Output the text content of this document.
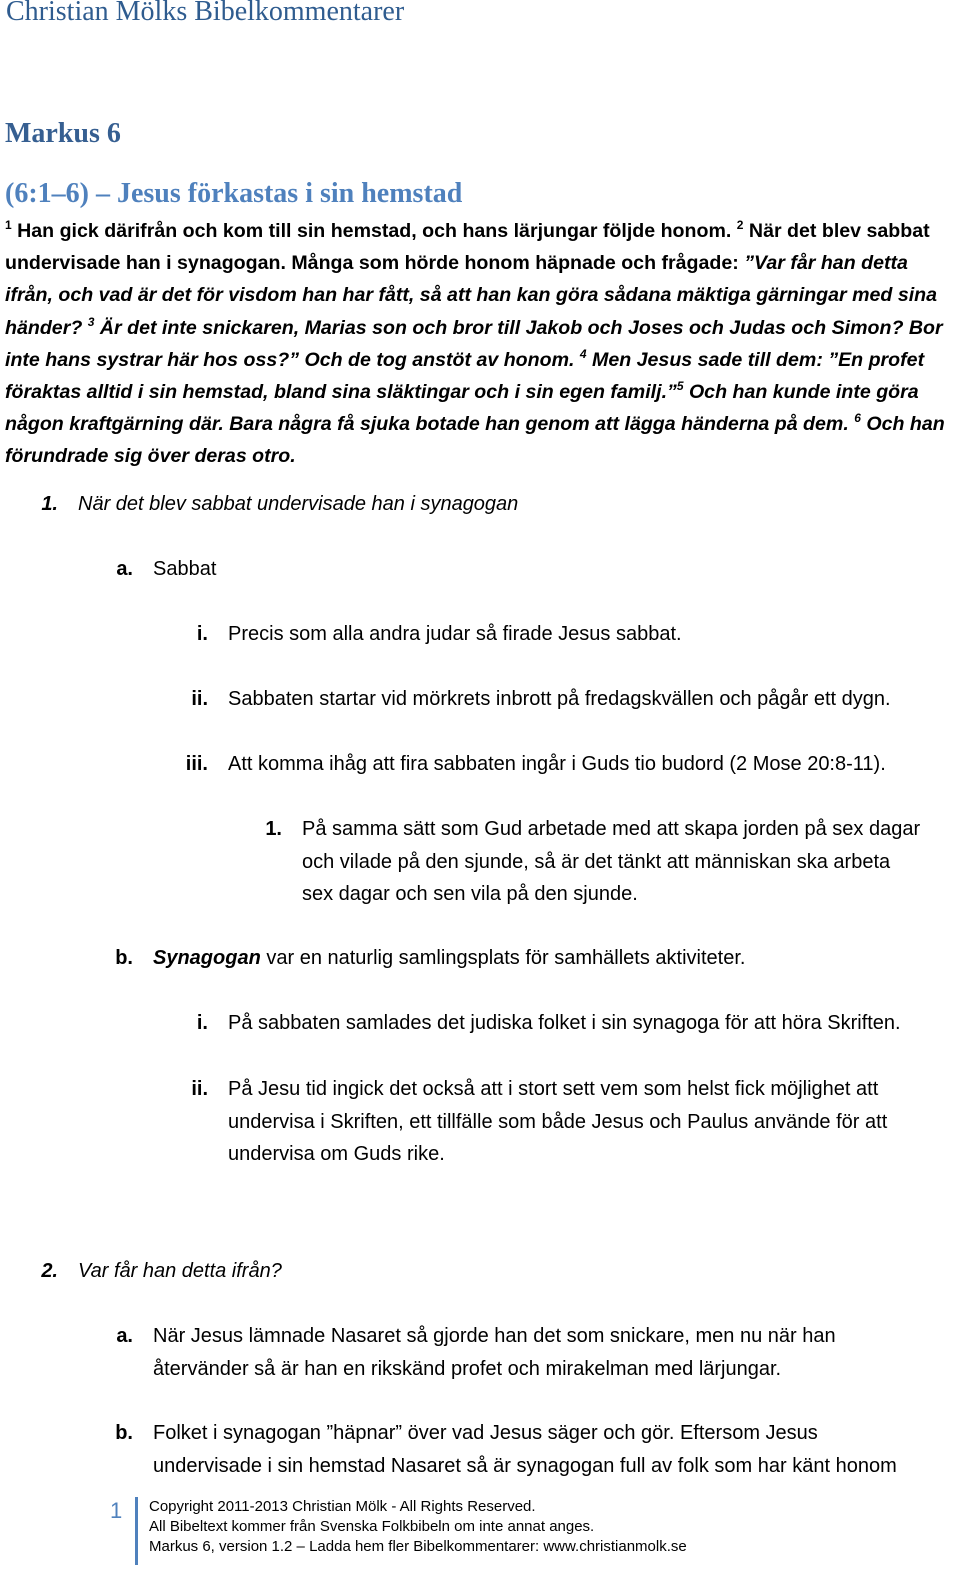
Christian Mölks Bibelkommentarer
Markus 6
(6:1–6) – Jesus förkastas i sin hemstad
$^1$ Han gick därifrån och kom till sin hemstad, och hans lärjungar följde honom. $^2$ När det blev sabbat undervisade han i synagogan. Många som hörde honom häpnade och frågade: ”Var får han detta ifrån, och vad är det för visdom han har fått, så att han kan göra sådana mäktiga gärningar med sina händer? $^3$ Är det inte snickaren, Marias son och bror till Jakob och Joses och Judas och Simon? Bor inte hans systrar här hos oss?” Och de tog anstöt av honom. $^4$ Men Jesus sade till dem: ”En profet föraktas alltid i sin hemstad, bland sina släktingar och i sin egen familj.”$^5$ Och han kunde inte göra någon kraftgärning där. Bara några få sjuka botade han genom att lägga händerna på dem. $^6$ Och han förundrade sig över deras otro.
1. När det blev sabbat undervisade han i synagogan
a. Sabbat
i. Precis som alla andra judar så firade Jesus sabbat.
ii. Sabbaten startar vid mörkrets inbrott på fredagskvällen och pågår ett dygn.
iii. Att komma ihåg att fira sabbaten ingår i Guds tio budord (2 Mose 20:8-11).
1. På samma sätt som Gud arbetade med att skapa jorden på sex dagar
och vilade på den sjunde, så är det tänkt att människan ska arbeta
sex dagar och sen vila på den sjunde.
b. Synagogan var en naturlig samlingsplats för samhällets aktiviteter.
i. På sabbaten samlades det judiska folket i sin synagoga för att höra Skriften.
ii. På Jesu tid ingick det också att i stort sett vem som helst fick möjlighet att
undervisa i Skriften, ett tillfälle som både Jesus och Paulus använde för att
undervisa om Guds rike.
2. Var får han detta ifrån?
a. När Jesus lämnade Nasaret så gjorde han det som snickare, men nu när han
återvänder så är han en rikskänd profet och mirakelman med lärjungar.
b. Folket i synagogan ”häpnar” över vad Jesus säger och gör. Eftersom Jesus
undervisade i sin hemstad Nasaret så är synagogan full av folk som har känt honom
1 Copyright 2011-2013 Christian Mölk - All Rights Reserved.
All Bibeltext kommer från Svenska Folkbibeln om inte annat anges.
Markus 6, version 1.2 – Ladda hem fler Bibelkommentarer: www.christianmolk.se
